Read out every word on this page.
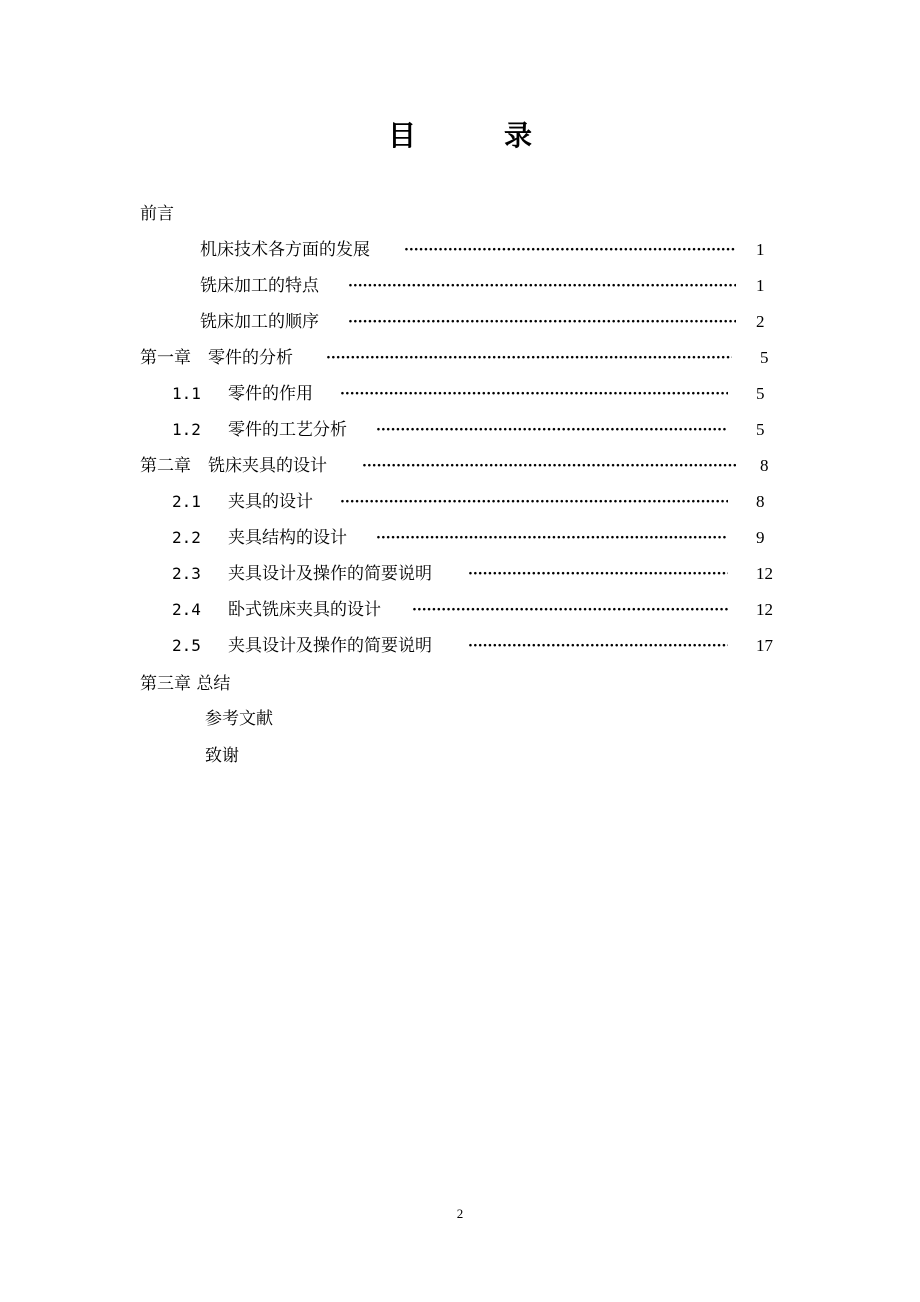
目　录
前言
机床技术各方面的发展 ·····	1
铣床加工的特点 ·····	1
铣床加工的顺序 ·····	2
第一章　零件的分析 ·····	5
1.1 零件的作用 ·····	5
1.2 零件的工艺分析 ·····	5
第二章　铣床夹具的设计 ·····	8
2.1 夹具的设计 ·····	8
2.2 夹具结构的设计 ·····	9
2.3 夹具设计及操作的简要说明 ·····	12
2.4 卧式铣床夹具的设计 ·····	12
2.5 夹具设计及操作的简要说明 ·····	17
第三章 总结
参考文献
致谢
2
